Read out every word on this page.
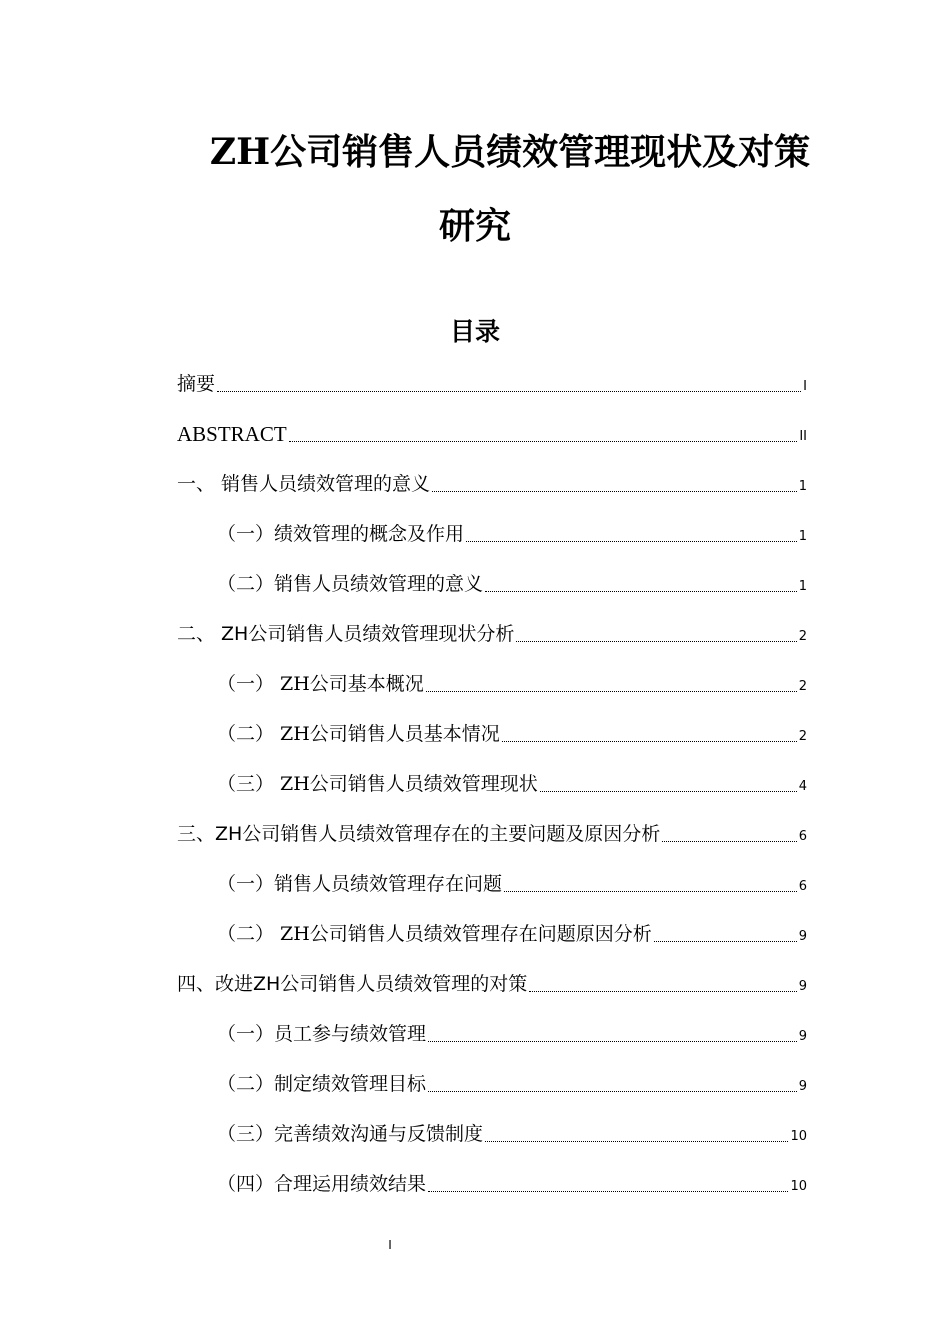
ZH公司销售人员绩效管理现状及对策
研究
目录
摘要	I
ABSTRACT	II
一、 销售人员绩效管理的意义	1
（一）绩效管理的概念及作用	1
（二）销售人员绩效管理的意义	1
二、 ZH公司销售人员绩效管理现状分析	2
（一） ZH公司基本概况	2
（二） ZH公司销售人员基本情况	2
（三） ZH公司销售人员绩效管理现状	4
三、ZH公司销售人员绩效管理存在的主要问题及原因分析	6
（一）销售人员绩效管理存在问题	6
（二） ZH公司销售人员绩效管理存在问题原因分析	9
四、改进ZH公司销售人员绩效管理的对策	9
（一）员工参与绩效管理	9
（二）制定绩效管理目标	9
（三）完善绩效沟通与反馈制度	10
（四）合理运用绩效结果	10
I
